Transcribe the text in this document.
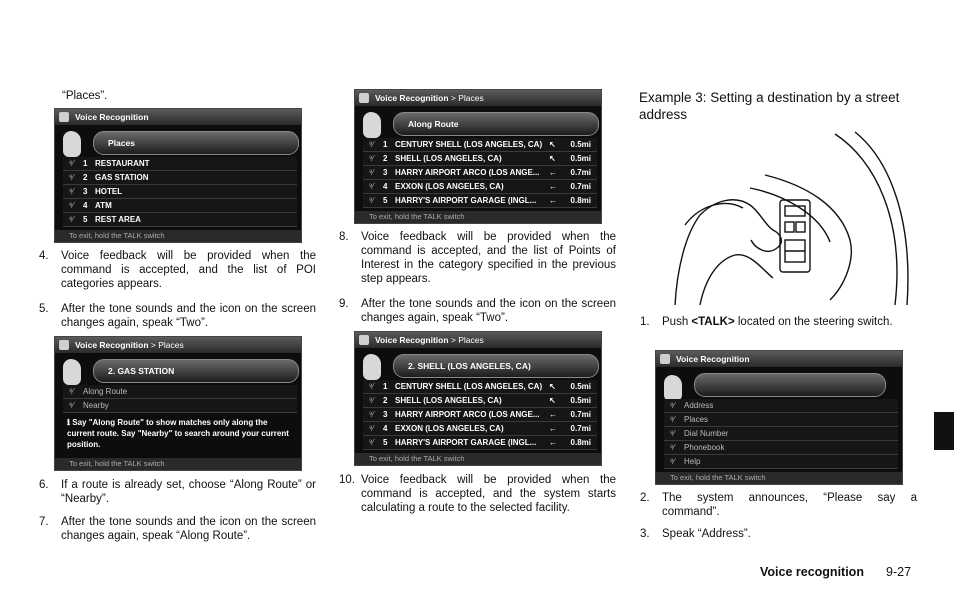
“Places”.
Voice Recognition
Places
⁹⁄ 1 RESTAURANT
⁹⁄ 2 GAS STATION
⁹⁄ 3 HOTEL
⁹⁄ 4 ATM
⁹⁄ 5 REST AREA
To exit, hold the TALK switch
4. Voice feedback will be provided when the command is accepted, and the list of POI categories appears.
5. After the tone sounds and the icon on the screen changes again, speak “Two”.
Voice Recognition > Places
2. GAS STATION
⁹⁄ Along Route
⁹⁄ Nearby
ℹ Say "Along Route" to show matches only along the current route. Say "Nearby" to search around your current position.
To exit, hold the TALK switch
6. If a route is already set, choose “Along Route” or “Nearby”.
7. After the tone sounds and the icon on the screen changes again, speak “Along Route”.
Voice Recognition > Places
Along Route
⁹⁄ 1 CENTURY SHELL (LOS ANGELES, CA) ↖ 0.5mi
⁹⁄ 2 SHELL (LOS ANGELES, CA)	↖ 0.5mi
⁹⁄ 3 HARRY AIRPORT ARCO (LOS ANGE... ← 0.7mi
⁹⁄ 4 EXXON (LOS ANGELES, CA)	← 0.7mi
⁹⁄ 5 HARRY'S AIRPORT GARAGE (INGL... ← 0.8mi
To exit, hold the TALK switch
8. Voice feedback will be provided when the command is accepted, and the list of Points of Interest in the category specified in the previous step appears.
9. After the tone sounds and the icon on the screen changes again, speak “Two”.
Voice Recognition > Places
2. SHELL (LOS ANGELES, CA)
⁹⁄ 1 CENTURY SHELL (LOS ANGELES, CA) ↖ 0.5mi
⁹⁄ 2 SHELL (LOS ANGELES, CA)	↖ 0.5mi
⁹⁄ 3 HARRY AIRPORT ARCO (LOS ANGE... ← 0.7mi
⁹⁄ 4 EXXON (LOS ANGELES, CA)	← 0.7mi
⁹⁄ 5 HARRY'S AIRPORT GARAGE (INGL... ← 0.8mi
To exit, hold the TALK switch
10. Voice feedback will be provided when the command is accepted, and the system starts calculating a route to the selected facility.
Example 3: Setting a destination by a street address
1. Push <TALK> located on the steering switch.
Voice Recognition
⁹⁄ Address
⁹⁄ Places
⁹⁄ Dial Number
⁹⁄ Phonebook
⁹⁄ Help
To exit, hold the TALK switch
2. The system announces, “Please say a command”.
3. Speak “Address”.
Voice recognition 9-27
